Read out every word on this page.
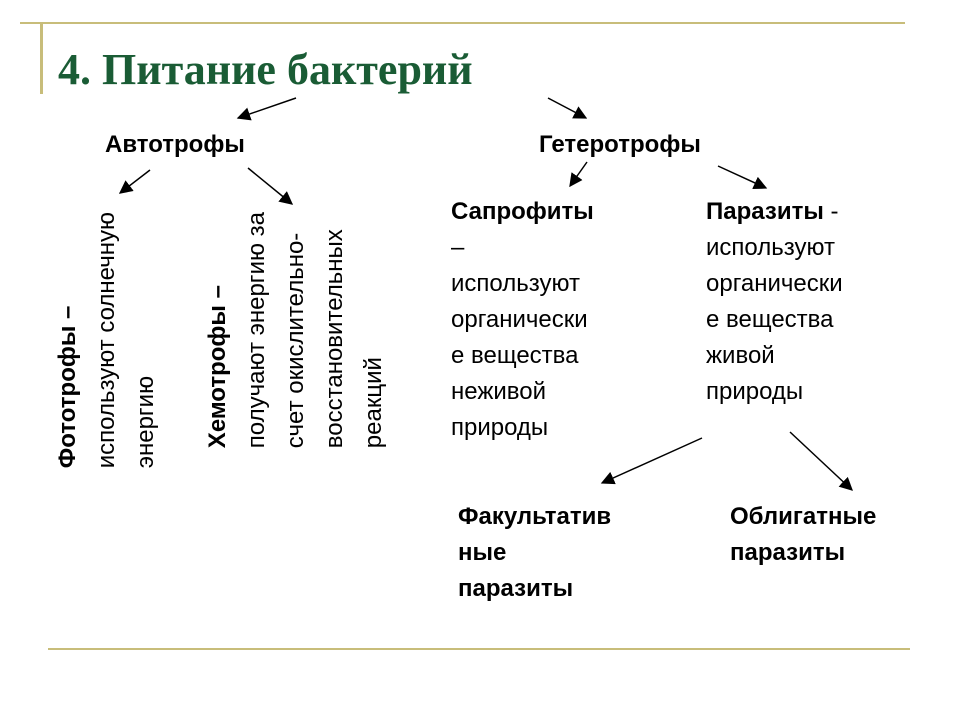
4. Питание бактерий
Автотрофы	Гетеротрофы
Фототрофы – используют солнечную энергию Хемотрофы – получают энергию за счет окислительно- восстановительных реакций
Сапрофиты
–
используют
органически
е вещества
неживой
природы
Паразиты -
используют
органически
е вещества
живой
природы
Факультатив
ные
паразиты
Облигатные
паразиты
